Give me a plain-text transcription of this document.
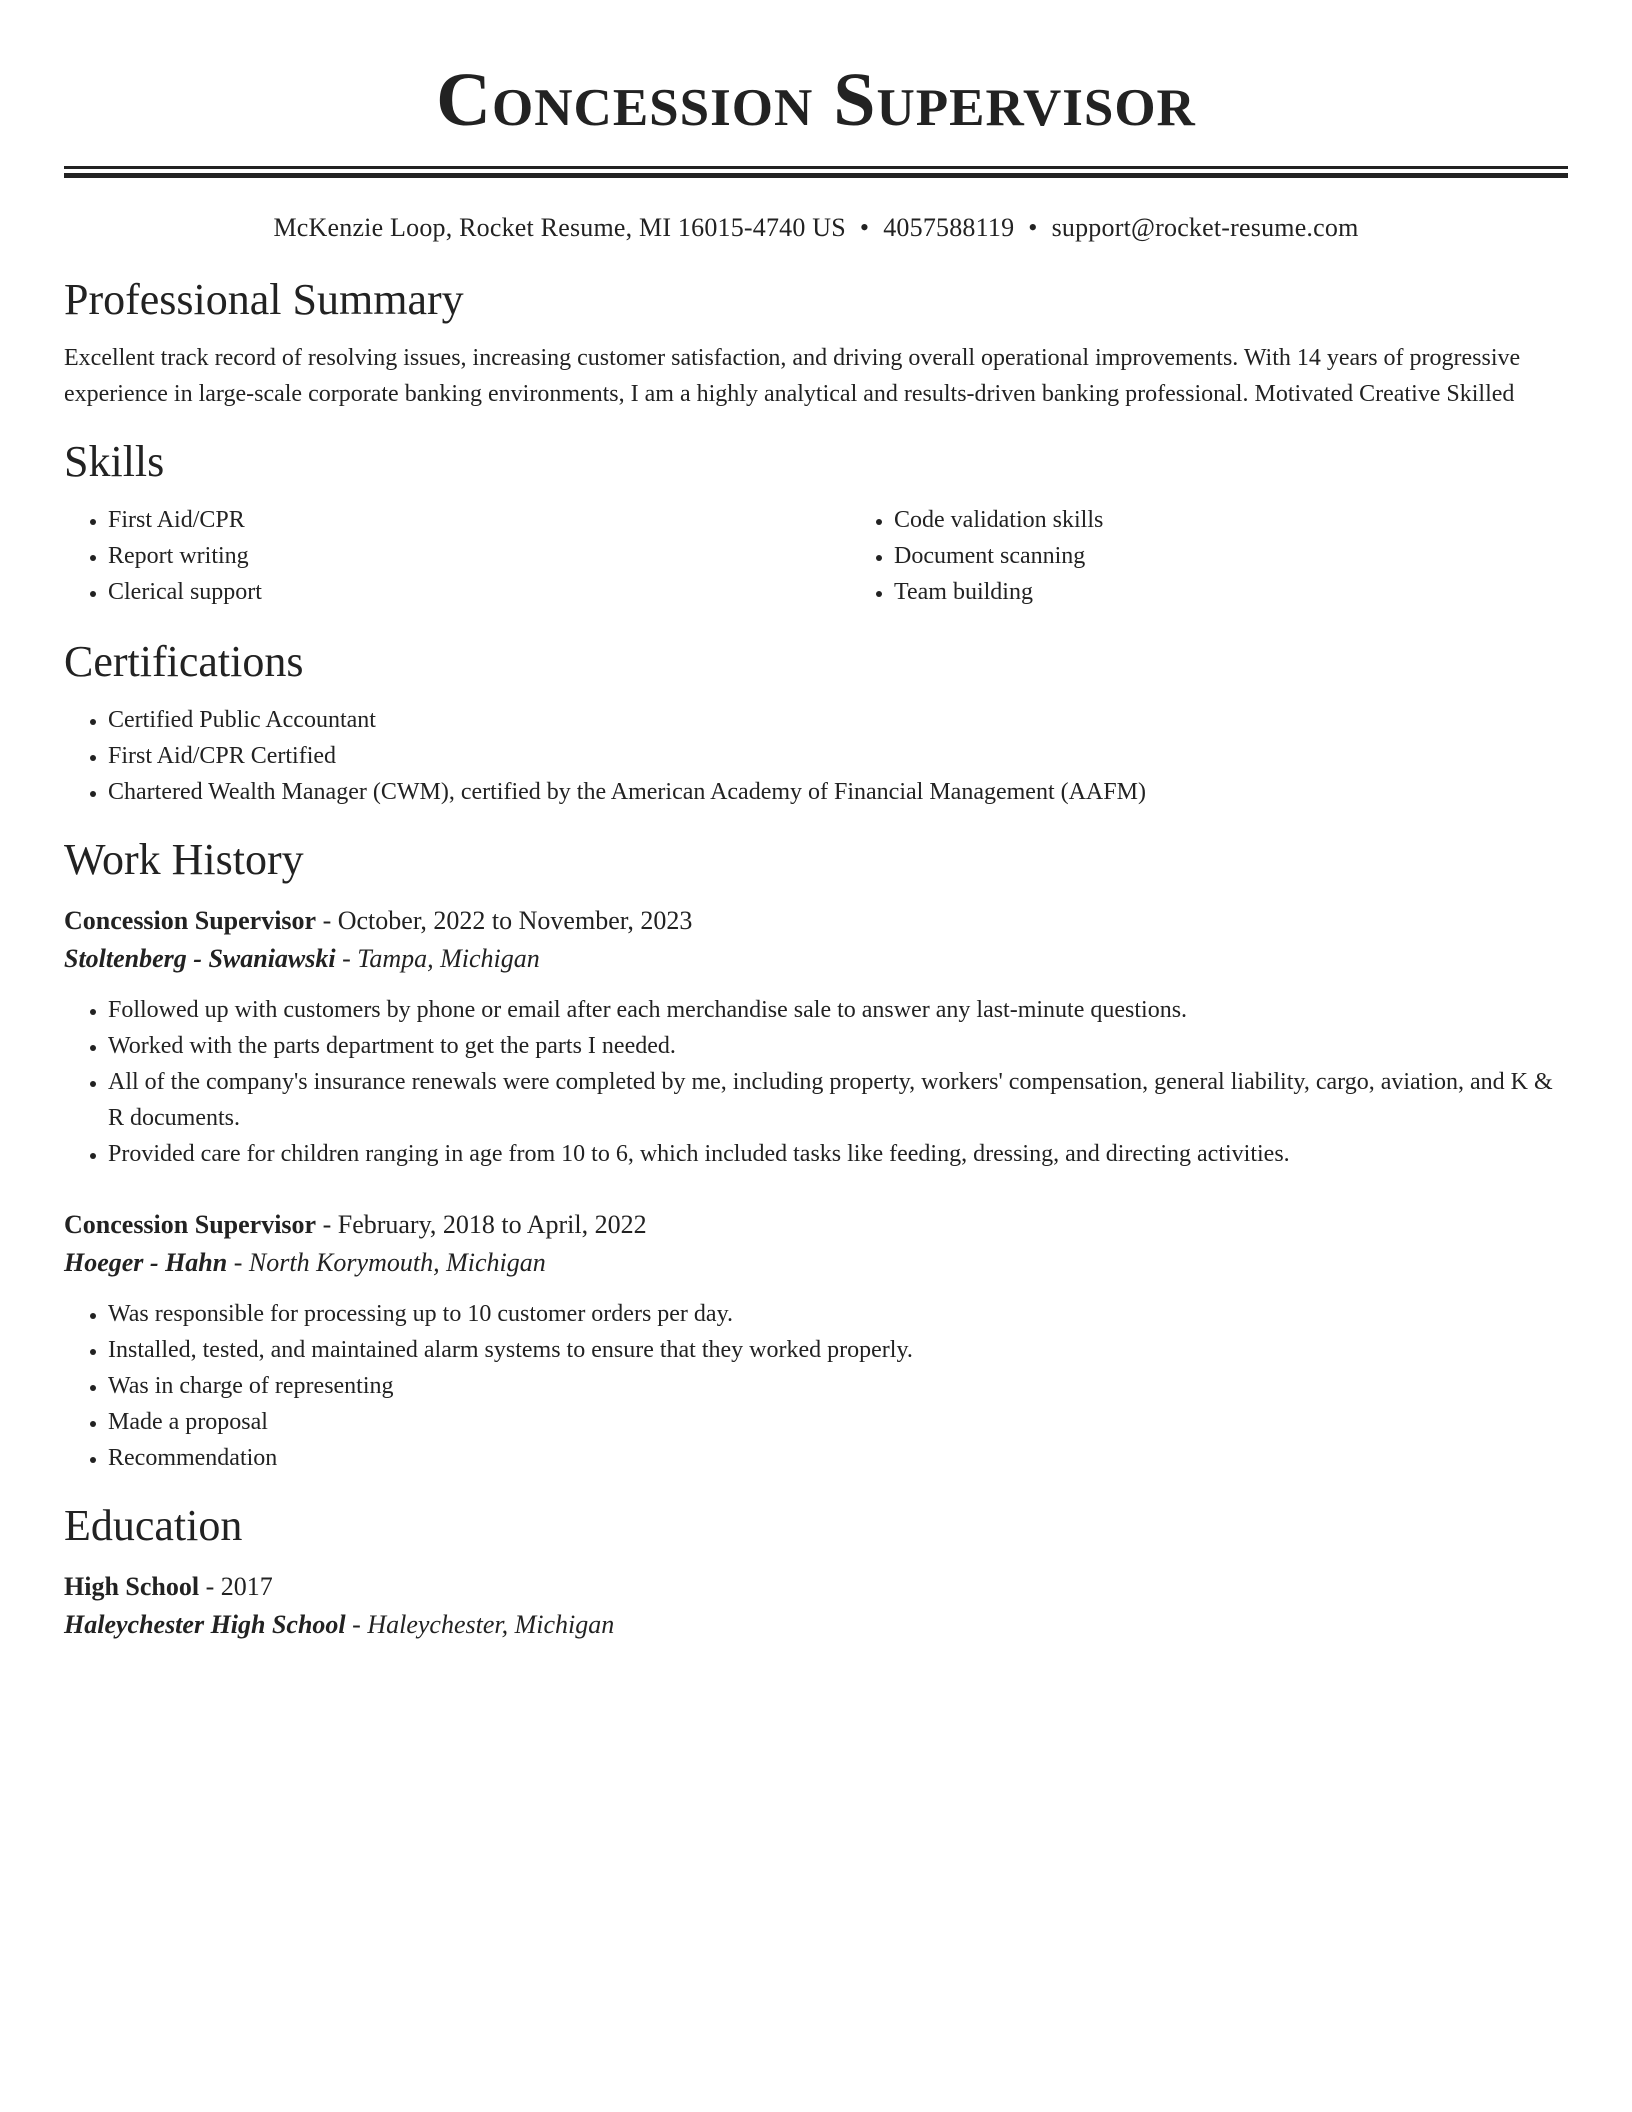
Concession Supervisor
McKenzie Loop, Rocket Resume, MI 16015-4740 US • 4057588119 • support@rocket-resume.com
Professional Summary

Excellent track record of resolving issues, increasing customer satisfaction, and driving overall operational improvements. With 14 years of progressive experience in large-scale corporate banking environments, I am a highly analytical and results-driven banking professional. Motivated Creative Skilled

Skills
• First Aid/CPR
• Report writing
• Clerical support
• Code validation skills
• Document scanning
• Team building
Certifications
• Certified Public Accountant
• First Aid/CPR Certified
• Chartered Wealth Manager (CWM), certified by the American Academy of Financial Management (AAFM)
Work History
Concession Supervisor - October, 2022 to November, 2023
Stoltenberg - Swaniawski - Tampa, Michigan
• Followed up with customers by phone or email after each merchandise sale to answer any last-minute questions.
• Worked with the parts department to get the parts I needed.
• All of the company's insurance renewals were completed by me, including property, workers' compensation, general liability, cargo, aviation, and K & R documents.
• Provided care for children ranging in age from 10 to 6, which included tasks like feeding, dressing, and directing activities.
Concession Supervisor - February, 2018 to April, 2022
Hoeger - Hahn - North Korymouth, Michigan
• Was responsible for processing up to 10 customer orders per day.
• Installed, tested, and maintained alarm systems to ensure that they worked properly.
• Was in charge of representing
• Made a proposal
• Recommendation
Education
High School - 2017
Haleychester High School - Haleychester, Michigan
